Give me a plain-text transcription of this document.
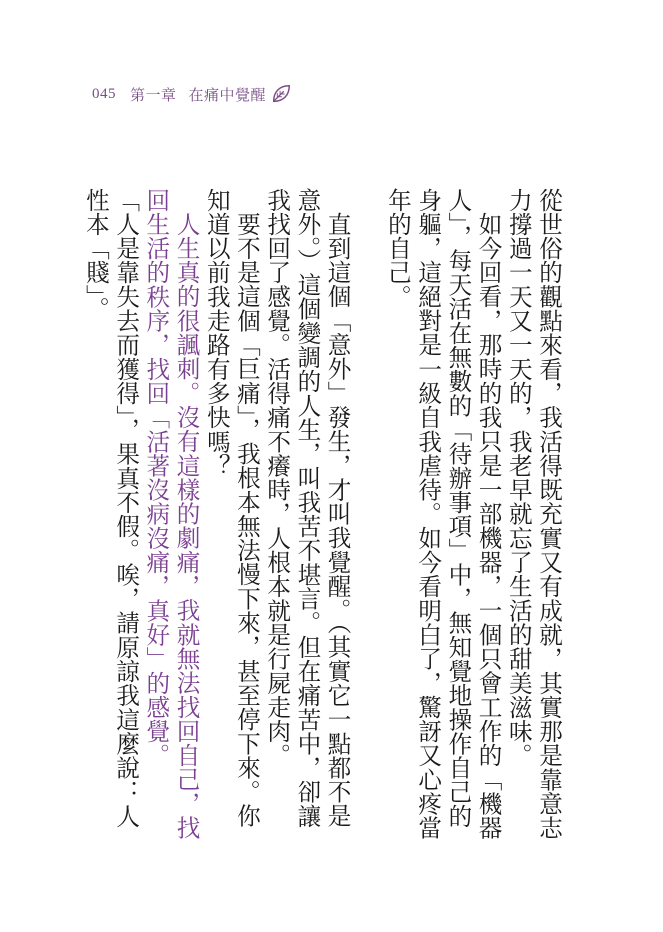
045 第一章 在痛中覺醒

從世俗的觀點來看，我活得既充實又有成就，其實那是靠意志力撐過一天又一天的，我老早就忘了生活的甜美滋味。

如今回看，那時的我只是一部機器，一個只會工作的「機器人」，每天活在無數的「待辦事項」中，無知覺地操作自己的身軀，這絕對是一級自我虐待。如今看明白了，驚訝又心疼當年的自己。

直到這個「意外」發生，才叫我覺醒。（其實它一點都不是意外。）這個變調的人生，叫我苦不堪言。但在痛苦中，卻讓我找回了感覺。活得痛不癢時，人根本就是行屍走肉。

要不是這個「巨痛」，我根本無法慢下來，甚至停下來。你知道以前我走路有多快嗎？

人生真的很諷刺。沒有這樣的劇痛，我就無法找回自己，找回生活的秩序，找回「活著沒病沒痛，真好」的感覺。

「人是靠失去而獲得」，果真不假。唉，請原諒我這麼說：人性本「賤」。
